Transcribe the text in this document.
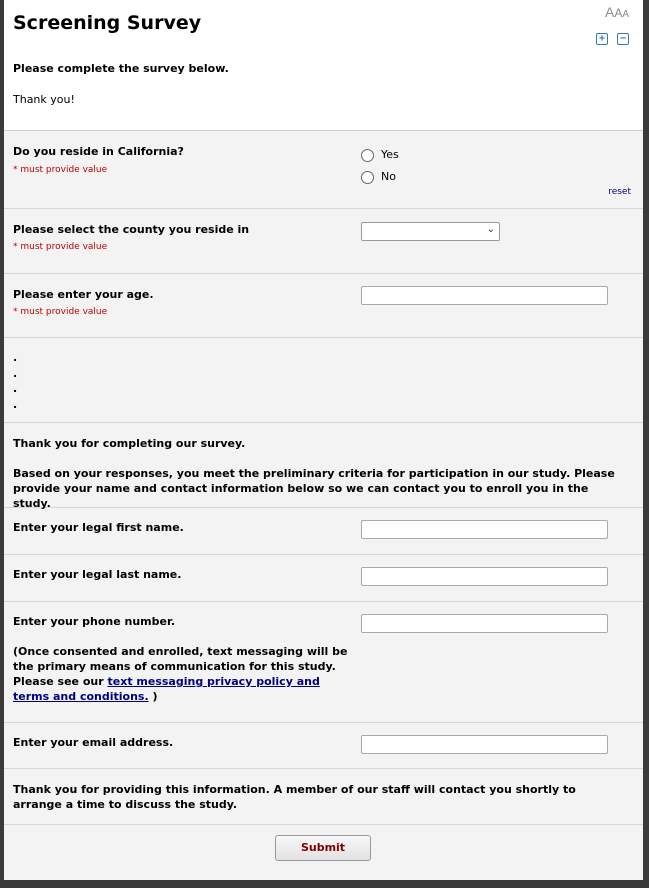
Screening Survey	AAA
+ −
Please complete the survey below.
Thank you!
Do you reside in California?
* must provide value
Yes
No
reset
Please select the county you reside in
* must provide value
⌄
Please enter your age.
* must provide value
.
.
.
.
Thank you for completing our survey.
Based on your responses, you meet the preliminary criteria for participation in our study. Please provide your name and contact information below so we can contact you to enroll you in the study.
Enter your legal first name.
Enter your legal last name.
Enter your phone number.
(Once consented and enrolled, text messaging will be the primary means of communication for this study. Please see our text messaging privacy policy and terms and conditions. )
Enter your email address.
Thank you for providing this information. A member of our staff will contact you shortly to arrange a time to discuss the study.
Submit
